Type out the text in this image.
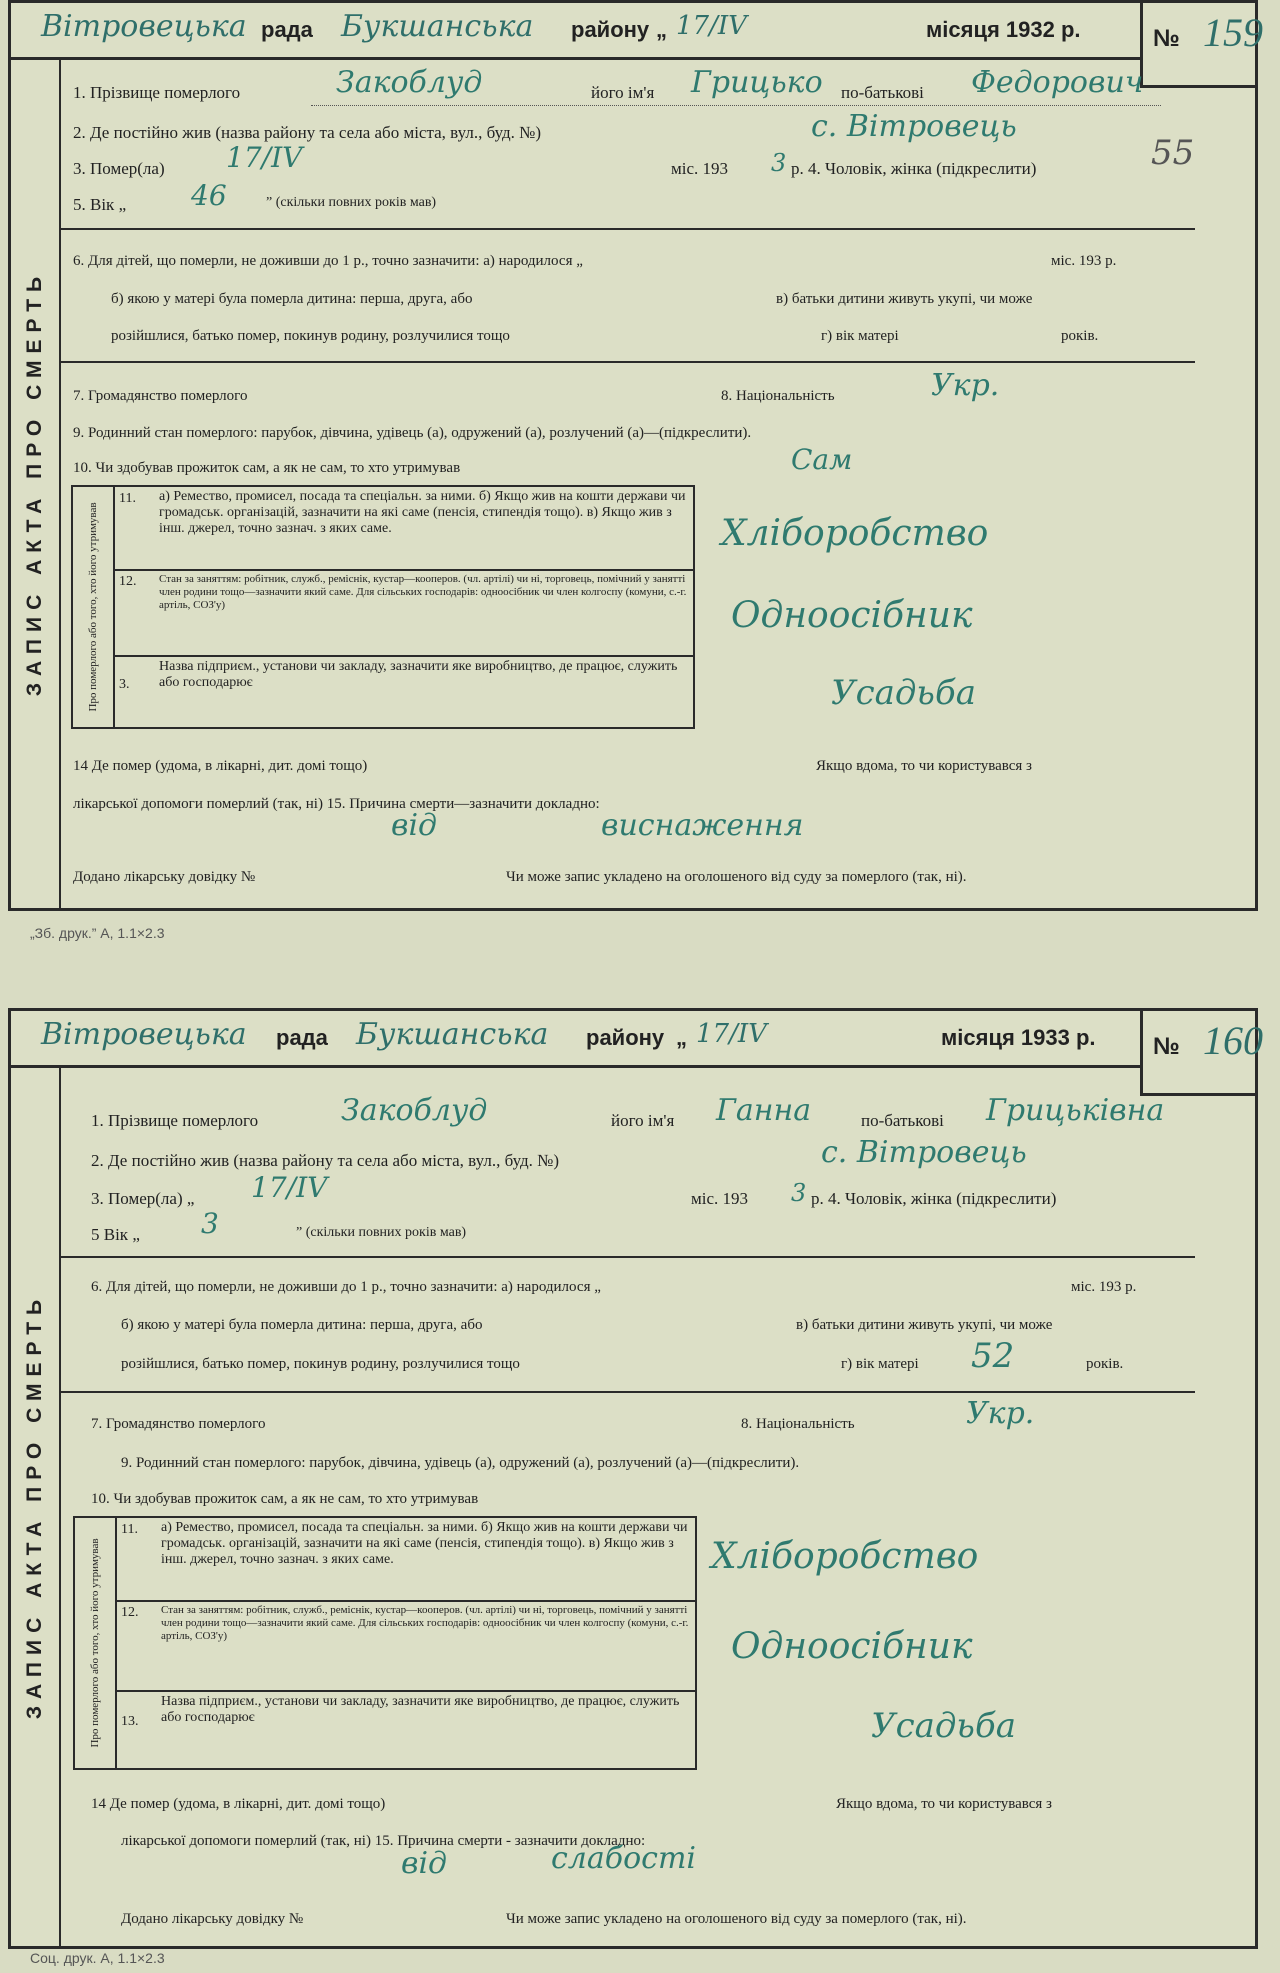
Вітровецька рада Букшанська району „ 17/IV	місяця 1932 р.	№ 159
ЗАПИС АКТА ПРО СМЕРТЬ
1. Прізвище померлого	Закоблуд	його ім'я Грицько по-батькові Федорович
2. Де постійно жив (назва району та села або міста, вул., буд. №)	с. Вітровець
3. Помер(ла) 17/IV	міс. 193 3 р. 4. Чоловік, жінка (підкреслити)	55
5. Вік „ 46	” (скільки повних років мав)
6. Для дітей, що померли, не доживши до 1 р., точно зазначити: а) народилося „	міс. 193 р.
б) якою у матері була померла дитина: перша, друга, або	в) батьки дитини живуть укупі, чи може
розійшлися, батько помер, покинув родину, розлучилися тощо	г) вік матері	років.
7. Громадянство померлого	8. Національність	Укр.
9. Родинний стан померлого: парубок, дівчина, удівець (а), одружений (а), розлучений (а)—(підкреслити).
10. Чи здобував прожиток сам, а як не сам, то хто утримував	Сам
Про померлого або того, хто його утримував
11. а) Ремество, промисел, посада та спеціальн. за ними. б) Якщо жив на кошти держави чи громадськ. організацій, зазначити на які саме (пенсія, стипендія тощо). в) Якщо жив з інш. джерел, точно зазнач. з яких саме.
12. Стан за заняттям: робітник, служб., реміснік, кустар—кооперов. (чл. артілі) чи ні, торговець, помічний у занятті член родини тощо—зазначити який саме. Для сільських господарів: одноосібник чи член колгоспу (комуни, с.-г. артіль, СОЗ'у)
3.
Назва підприєм., установи чи закладу, зазначити яке виробництво, де працює, служить або господарює
Хліборобство
Одноосібник
Усадьба
14 Де помер (удома, в лікарні, дит. домі тощо)	Якщо вдома, то чи користувався з
лікарської допомоги померлий (так, ні) 15. Причина смерти—зазначити докладно:
від	виснаження
Додано лікарську довідку №	Чи може запис укладено на оголошеного від суду за померлого (так, ні).
„Зб. друк.” А, 1.1×2.3
Вітровецька рада Букшанська району „ 17/IV	місяця 1933 р. № 160
ЗАПИС АКТА ПРО СМЕРТЬ
1. Прізвище померлого	Закоблуд	його ім'я Ганна	по-батькові Грицьківна
2. Де постійно жив (назва району та села або міста, вул., буд. №)	с. Вітровець
3. Помер(ла) „ 17/IV	міс. 193 3 р. 4. Чоловік, жінка (підкреслити)
5 Вік „ 3	” (скільки повних років мав)
6. Для дітей, що померли, не доживши до 1 р., точно зазначити: а) народилося „	міс. 193 р.
б) якою у матері була померла дитина: перша, друга, або	в) батьки дитини живуть укупі, чи може
розійшлися, батько помер, покинув родину, розлучилися тощо	г) вік матері 52	років.
7. Громадянство померлого	8. Національність	Укр.
9. Родинний стан померлого: парубок, дівчина, удівець (а), одружений (а), розлучений (а)—(підкреслити).
10. Чи здобував прожиток сам, а як не сам, то хто утримував
Про померлого або того, хто його утримував
11. а) Ремество, промисел, посада та спеціальн. за ними. б) Якщо жив на кошти держави чи громадськ. організацій, зазначити на які саме (пенсія, стипендія тощо). в) Якщо жив з інш. джерел, точно зазнач. з яких саме.
12. Стан за заняттям: робітник, служб., реміснік, кустар—кооперов. (чл. артілі) чи ні, торговець, помічний у занятті член родини тощо—зазначити який саме. Для сільських господарів: одноосібник чи член колгоспу (комуни, с.-г. артіль, СОЗ'у)
13.
Назва підприєм., установи чи закладу, зазначити яке виробництво, де працює, служить або господарює
Хліборобство
Одноосібник
Усадьба
14 Де помер (удома, в лікарні, дит. домі тощо)	Якщо вдома, то чи користувався з
лікарської допомоги померлий (так, ні) 15. Причина смерти - зазначити докладно:
від	слабості
Додано лікарську довідку №	Чи може запис укладено на оголошеного від суду за померлого (так, ні).
Соц. друк. А, 1.1×2.3
